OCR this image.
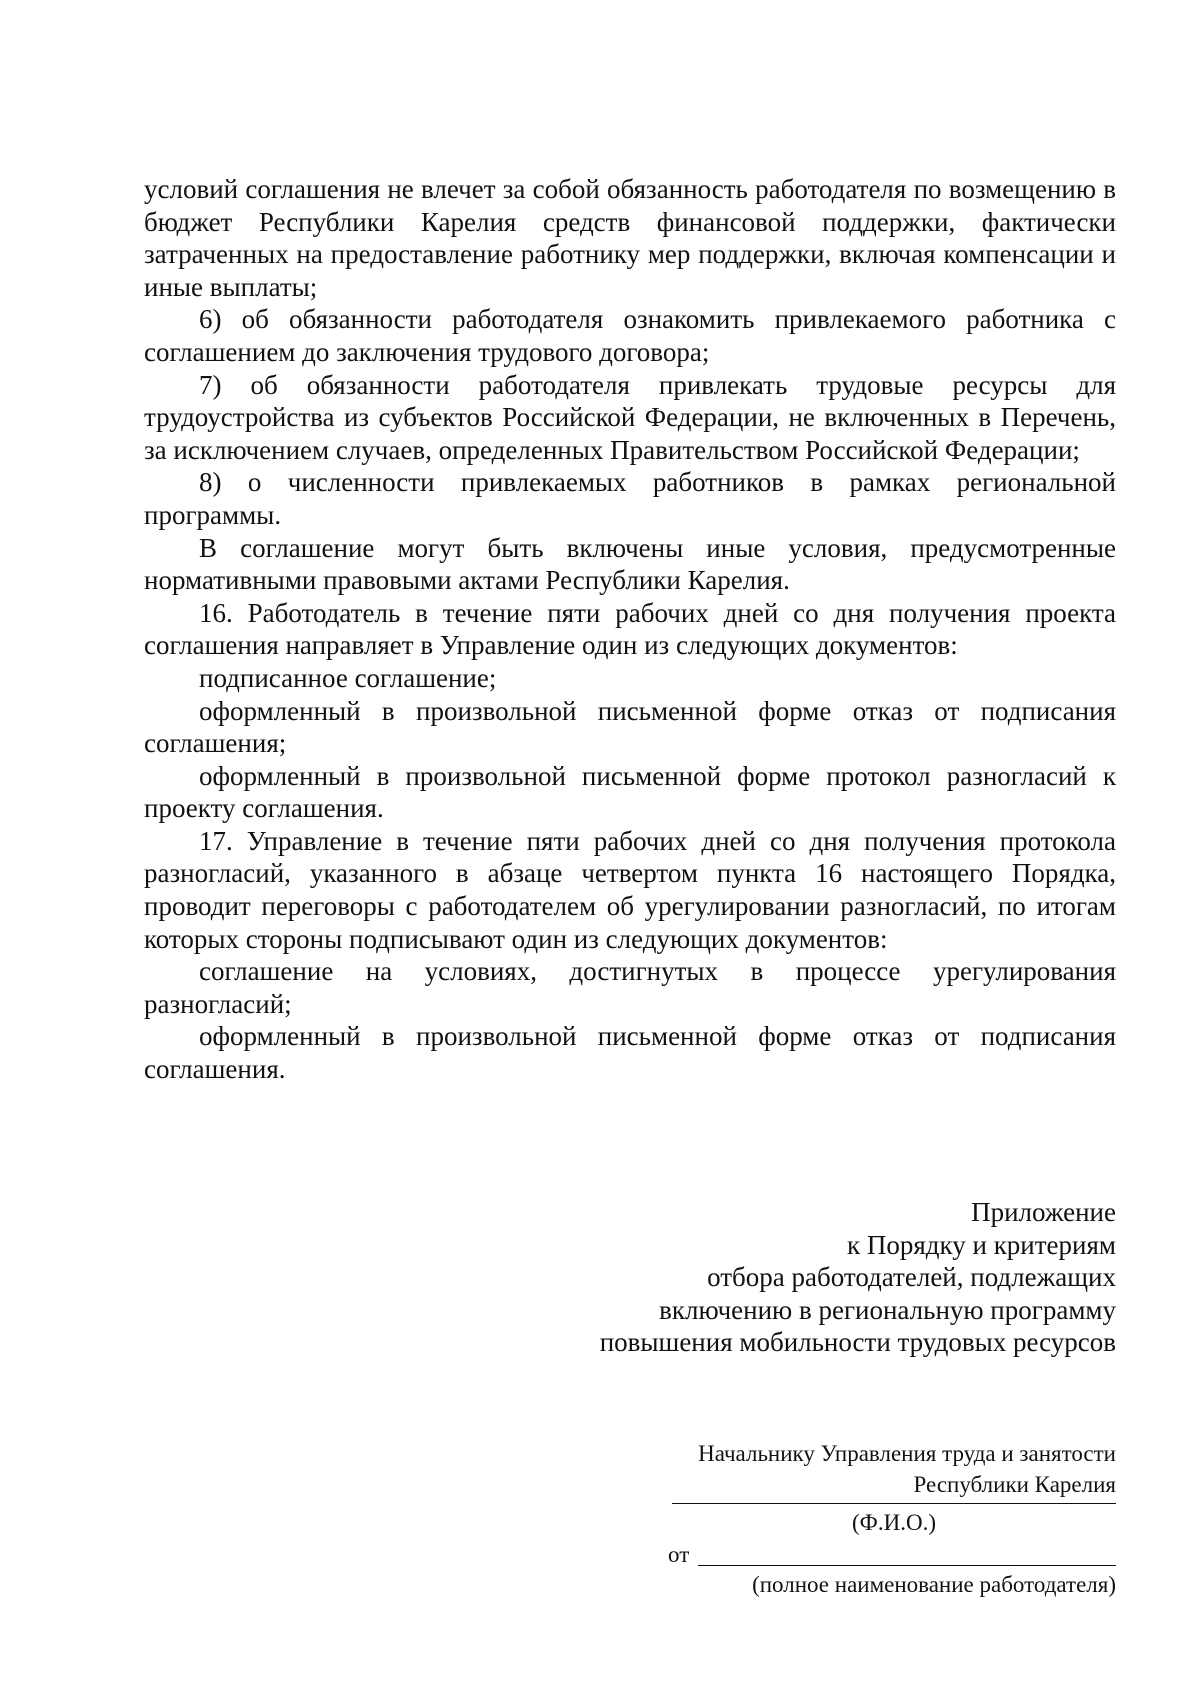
условий соглашения не влечет за собой обязанность работодателя по возмещению в бюджет Республики Карелия средств финансовой поддержки, фактически затраченных на предоставление работнику мер поддержки, включая компенсации и иные выплаты;

6) об обязанности работодателя ознакомить привлекаемого работника с соглашением до заключения трудового договора;

7) об обязанности работодателя привлекать трудовые ресурсы для трудоустройства из субъектов Российской Федерации, не включенных в Перечень, за исключением случаев, определенных Правительством Российской Федерации;

8) о численности привлекаемых работников в рамках региональной программы.

В соглашение могут быть включены иные условия, предусмотренные нормативными правовыми актами Республики Карелия.

16. Работодатель в течение пяти рабочих дней со дня получения проекта соглашения направляет в Управление один из следующих документов:

подписанное соглашение;

оформленный в произвольной письменной форме отказ от подписания соглашения;

оформленный в произвольной письменной форме протокол разногласий к проекту соглашения.

17. Управление в течение пяти рабочих дней со дня получения протокола разногласий, указанного в абзаце четвертом пункта 16 настоящего Порядка, проводит переговоры с работодателем об урегулировании разногласий, по итогам которых стороны подписывают один из следующих документов:

соглашение на условиях, достигнутых в процессе урегулирования разногласий;

оформленный в произвольной письменной форме отказ от подписания соглашения.

Приложение
к Порядку и критериям
отбора работодателей, подлежащих
включению в региональную программу
повышения мобильности трудовых ресурсов
Начальнику Управления труда и занятости
Республики Карелия
(Ф.И.О.)
от
(полное наименование работодателя)
